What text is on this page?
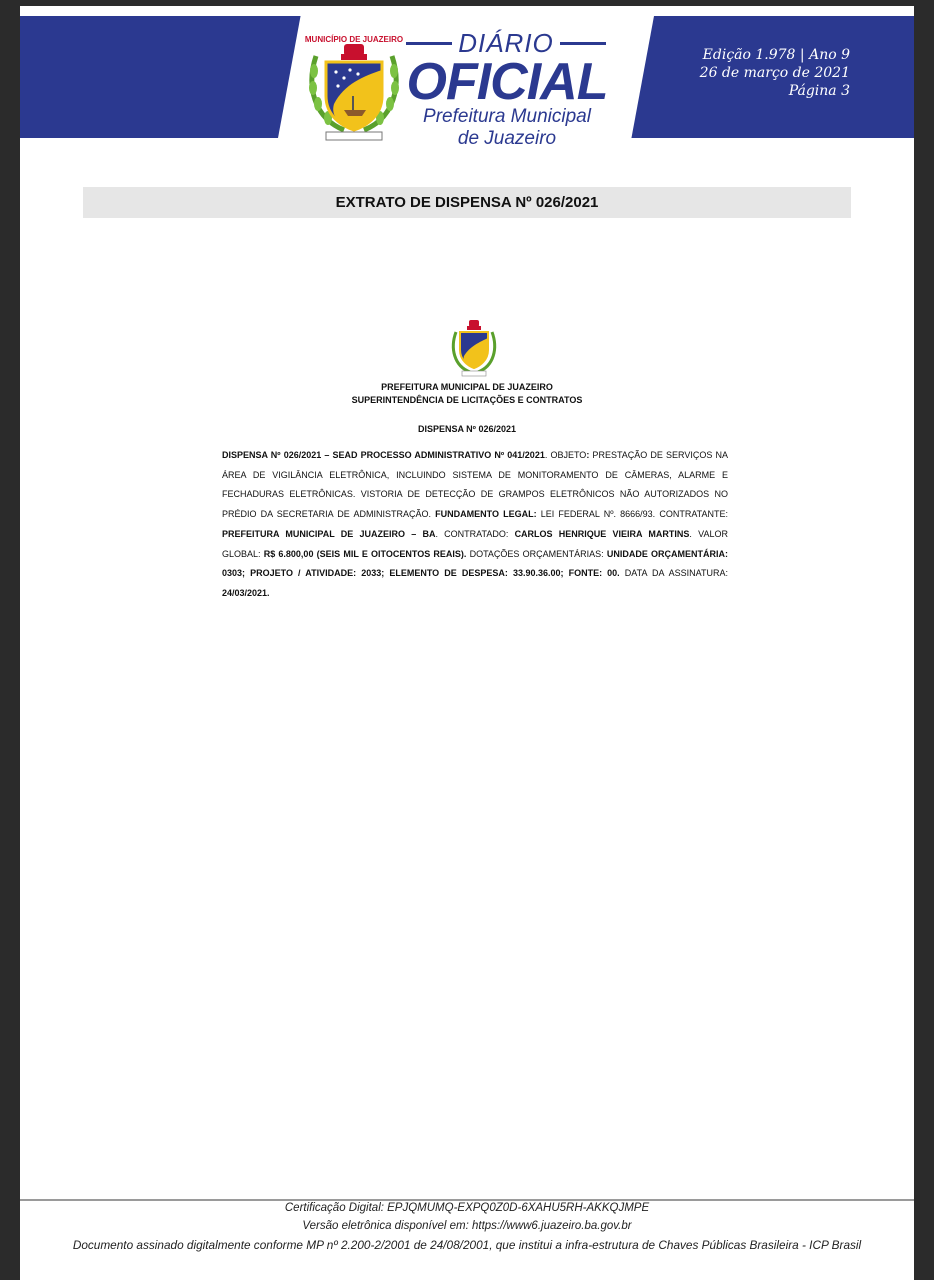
MUNICÍPIO DE JUAZEIRO DIÁRIO
OFICIAL
Prefeitura Municipal
de Juazeiro
Edição 1.978 | Ano 9
26 de março de 2021
Página 3
EXTRATO DE DISPENSA Nº 026/2021
PREFEITURA MUNICIPAL DE JUAZEIRO
SUPERINTENDÊNCIA DE LICITAÇÕES E CONTRATOS
DISPENSA Nº 026/2021
DISPENSA Nº 026/2021 – SEAD PROCESSO ADMINISTRATIVO Nº 041/2021. OBJETO: PRESTAÇÃO DE SERVIÇOS NA ÁREA DE VIGILÂNCIA ELETRÔNICA, INCLUINDO SISTEMA DE MONITORAMENTO DE CÂMERAS, ALARME E FECHADURAS ELETRÔNICAS. VISTORIA DE DETECÇÃO DE GRAMPOS ELETRÔNICOS NÃO AUTORIZADOS NO PRÉDIO DA SECRETARIA DE ADMINISTRAÇÃO. FUNDAMENTO LEGAL: LEI FEDERAL Nº. 8666/93. CONTRATANTE: PREFEITURA MUNICIPAL DE JUAZEIRO – BA. CONTRATADO: CARLOS HENRIQUE VIEIRA MARTINS. VALOR GLOBAL: R$ 6.800,00 (SEIS MIL E OITOCENTOS REAIS). DOTAÇÕES ORÇAMENTÁRIAS: UNIDADE ORÇAMENTÁRIA: 0303; PROJETO / ATIVIDADE: 2033; ELEMENTO DE DESPESA: 33.90.36.00; FONTE: 00. DATA DA ASSINATURA: 24/03/2021.
Certificação Digital: EPJQMUMQ-EXPQ0Z0D-6XAHU5RH-AKKQJMPE
Versão eletrônica disponível em: https://www6.juazeiro.ba.gov.br
Documento assinado digitalmente conforme MP nº 2.200-2/2001 de 24/08/2001, que institui a infra-estrutura de Chaves Públicas Brasileira - ICP Brasil
